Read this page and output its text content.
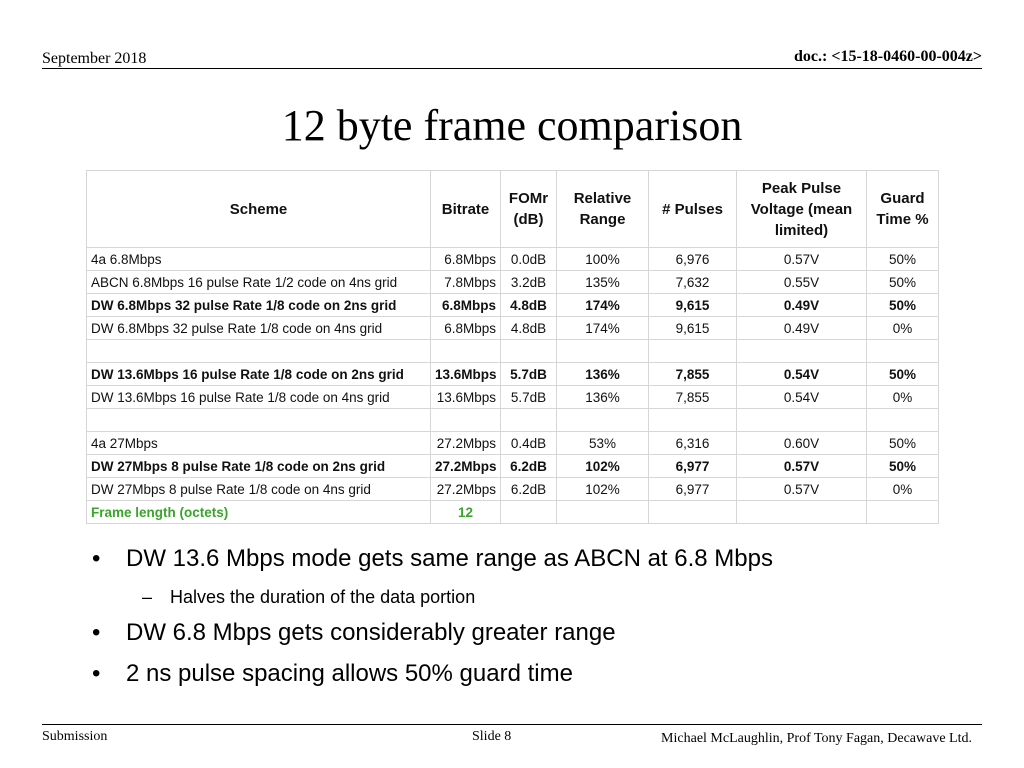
September 2018	doc.: <15-18-0460-00-004z>
12 byte frame comparison
Scheme	Bitrate	FOMr (dB)	Relative Range	# Pulses	Peak Pulse Voltage (mean limited)	Guard Time %
4a 6.8Mbps	6.8Mbps	0.0dB	100%	6,976	0.57V	50%
ABCN 6.8Mbps 16 pulse Rate 1/2 code on 4ns grid	7.8Mbps	3.2dB	135%	7,632	0.55V	50%
DW 6.8Mbps 32 pulse Rate 1/8 code on 2ns grid	6.8Mbps	4.8dB	174%	9,615	0.49V	50%
DW 6.8Mbps 32 pulse Rate 1/8 code on 4ns grid	6.8Mbps	4.8dB	174%	9,615	0.49V	0%

DW 13.6Mbps 16 pulse Rate 1/8 code on 2ns grid	13.6Mbps	5.7dB	136%	7,855	0.54V	50%
DW 13.6Mbps 16 pulse Rate 1/8 code on 4ns grid	13.6Mbps	5.7dB	136%	7,855	0.54V	0%

4a 27Mbps	27.2Mbps	0.4dB	53%	6,316	0.60V	50%
DW 27Mbps 8 pulse Rate 1/8 code on 2ns grid	27.2Mbps	6.2dB	102%	6,977	0.57V	50%
DW 27Mbps 8 pulse Rate 1/8 code on 4ns grid	27.2Mbps	6.2dB	102%	6,977	0.57V	0%
Frame length (octets)	12					
• DW 13.6 Mbps mode gets same range as ABCN at 6.8 Mbps
– Halves the duration of the data portion
• DW 6.8 Mbps gets considerably greater range
• 2 ns pulse spacing allows 50% guard time
Submission	Slide 8	Michael McLaughlin, Prof Tony Fagan, Decawave Ltd.
